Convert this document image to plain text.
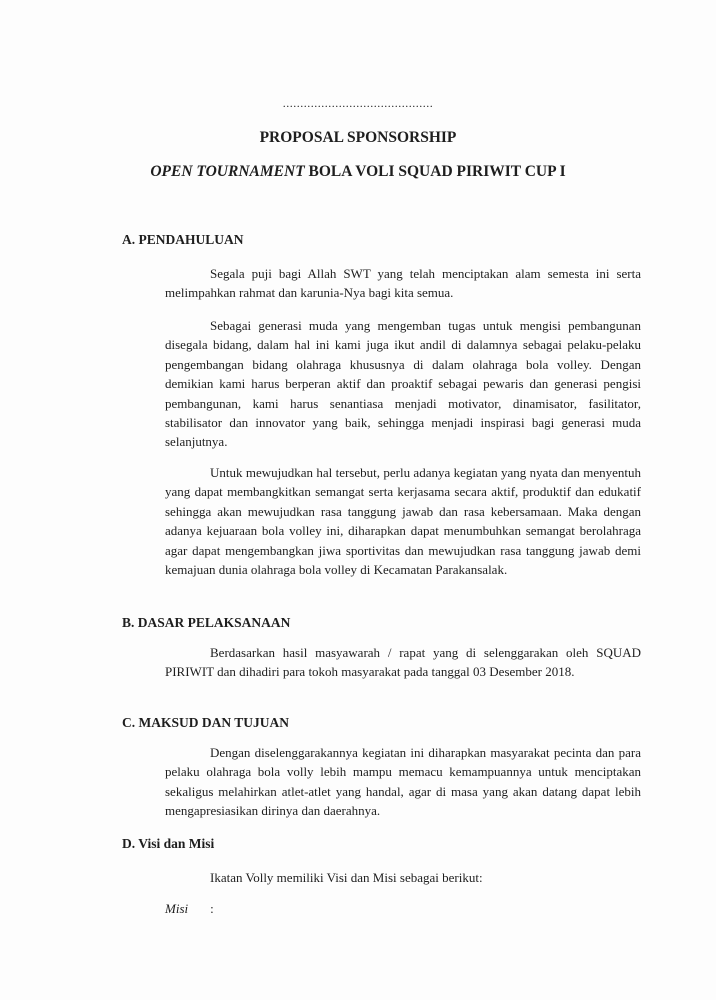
...........................................
PROPOSAL SPONSORSHIP
OPEN TOURNAMENT BOLA VOLI SQUAD PIRIWIT CUP I
A. PENDAHULUAN
Segala puji bagi Allah SWT yang telah menciptakan alam semesta ini serta melimpahkan rahmat dan karunia-Nya bagi kita semua.
Sebagai generasi muda yang mengemban tugas untuk mengisi pembangunan disegala bidang, dalam hal ini kami juga ikut andil di dalamnya sebagai pelaku-pelaku pengembangan bidang olahraga khususnya di dalam olahraga bola volley. Dengan demikian kami harus berperan aktif dan proaktif sebagai pewaris dan generasi pengisi pembangunan, kami harus senantiasa menjadi motivator, dinamisator, fasilitator, stabilisator dan innovator yang baik, sehingga menjadi inspirasi bagi generasi muda selanjutnya.
Untuk mewujudkan hal tersebut, perlu adanya kegiatan yang nyata dan menyentuh yang dapat membangkitkan semangat serta kerjasama secara aktif, produktif dan edukatif sehingga akan mewujudkan rasa tanggung jawab dan rasa kebersamaan. Maka dengan adanya kejuaraan bola volley ini, diharapkan dapat menumbuhkan semangat berolahraga agar dapat mengembangkan jiwa sportivitas dan mewujudkan rasa tanggung jawab demi kemajuan dunia olahraga bola volley di Kecamatan Parakansalak.
B. DASAR PELAKSANAAN
Berdasarkan hasil masyawarah / rapat yang di selenggarakan oleh SQUAD PIRIWIT dan dihadiri para tokoh masyarakat pada tanggal 03 Desember 2018.
C. MAKSUD DAN TUJUAN
Dengan diselenggarakannya kegiatan ini diharapkan masyarakat pecinta dan para pelaku olahraga bola volly lebih mampu memacu kemampuannya untuk menciptakan sekaligus melahirkan atlet-atlet yang handal, agar di masa yang akan datang dapat lebih mengapresiasikan dirinya dan daerahnya.
D. Visi dan Misi
Ikatan Volly memiliki Visi dan Misi sebagai berikut:
Misi :
